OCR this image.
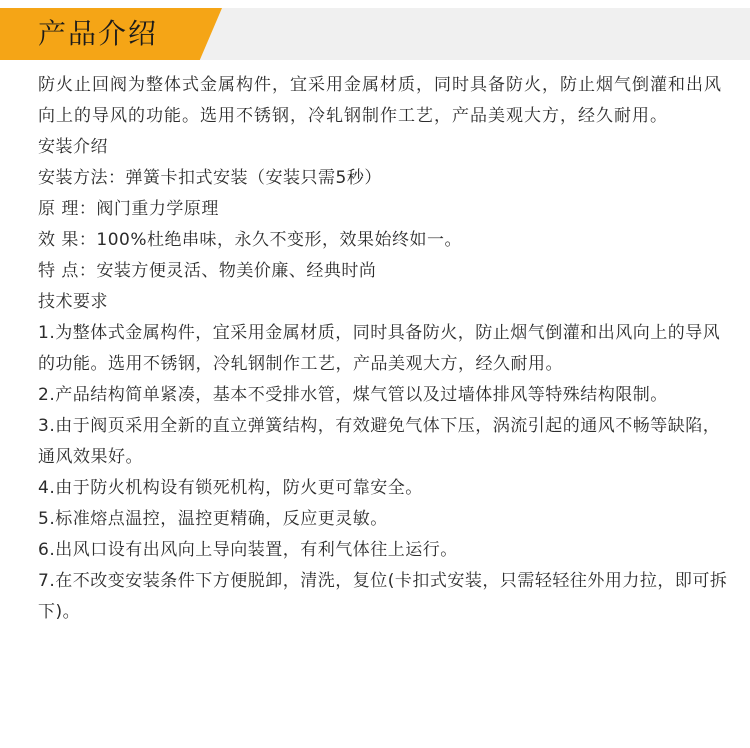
产品介绍

防火止回阀为整体式金属构件，宜采用金属材质，同时具备防火，防止烟气倒灌和出风向上的导风的功能。选用不锈钢，冷轧钢制作工艺，产品美观大方，经久耐用。

安装介绍

安装方法：弹簧卡扣式安装（安装只需5秒）

原 理：阀门重力学原理

效 果：100%杜绝串味，永久不变形，效果始终如一。

特 点：安装方便灵活、物美价廉、经典时尚

技术要求

1.为整体式金属构件，宜采用金属材质，同时具备防火，防止烟气倒灌和出风向上的导风的功能。选用不锈钢，冷轧钢制作工艺，产品美观大方，经久耐用。

2.产品结构简单紧凑，基本不受排水管，煤气管以及过墙体排风等特殊结构限制。

3.由于阀页采用全新的直立弹簧结构，有效避免气体下压，涡流引起的通风不畅等缺陷，通风效果好。

4.由于防火机构设有锁死机构，防火更可靠安全。

5.标准熔点温控，温控更精确，反应更灵敏。

6.出风口设有出风向上导向装置，有利气体往上运行。

7.在不改变安装条件下方便脱卸，清洗，复位(卡扣式安装，只需轻轻往外用力拉，即可拆下)。
